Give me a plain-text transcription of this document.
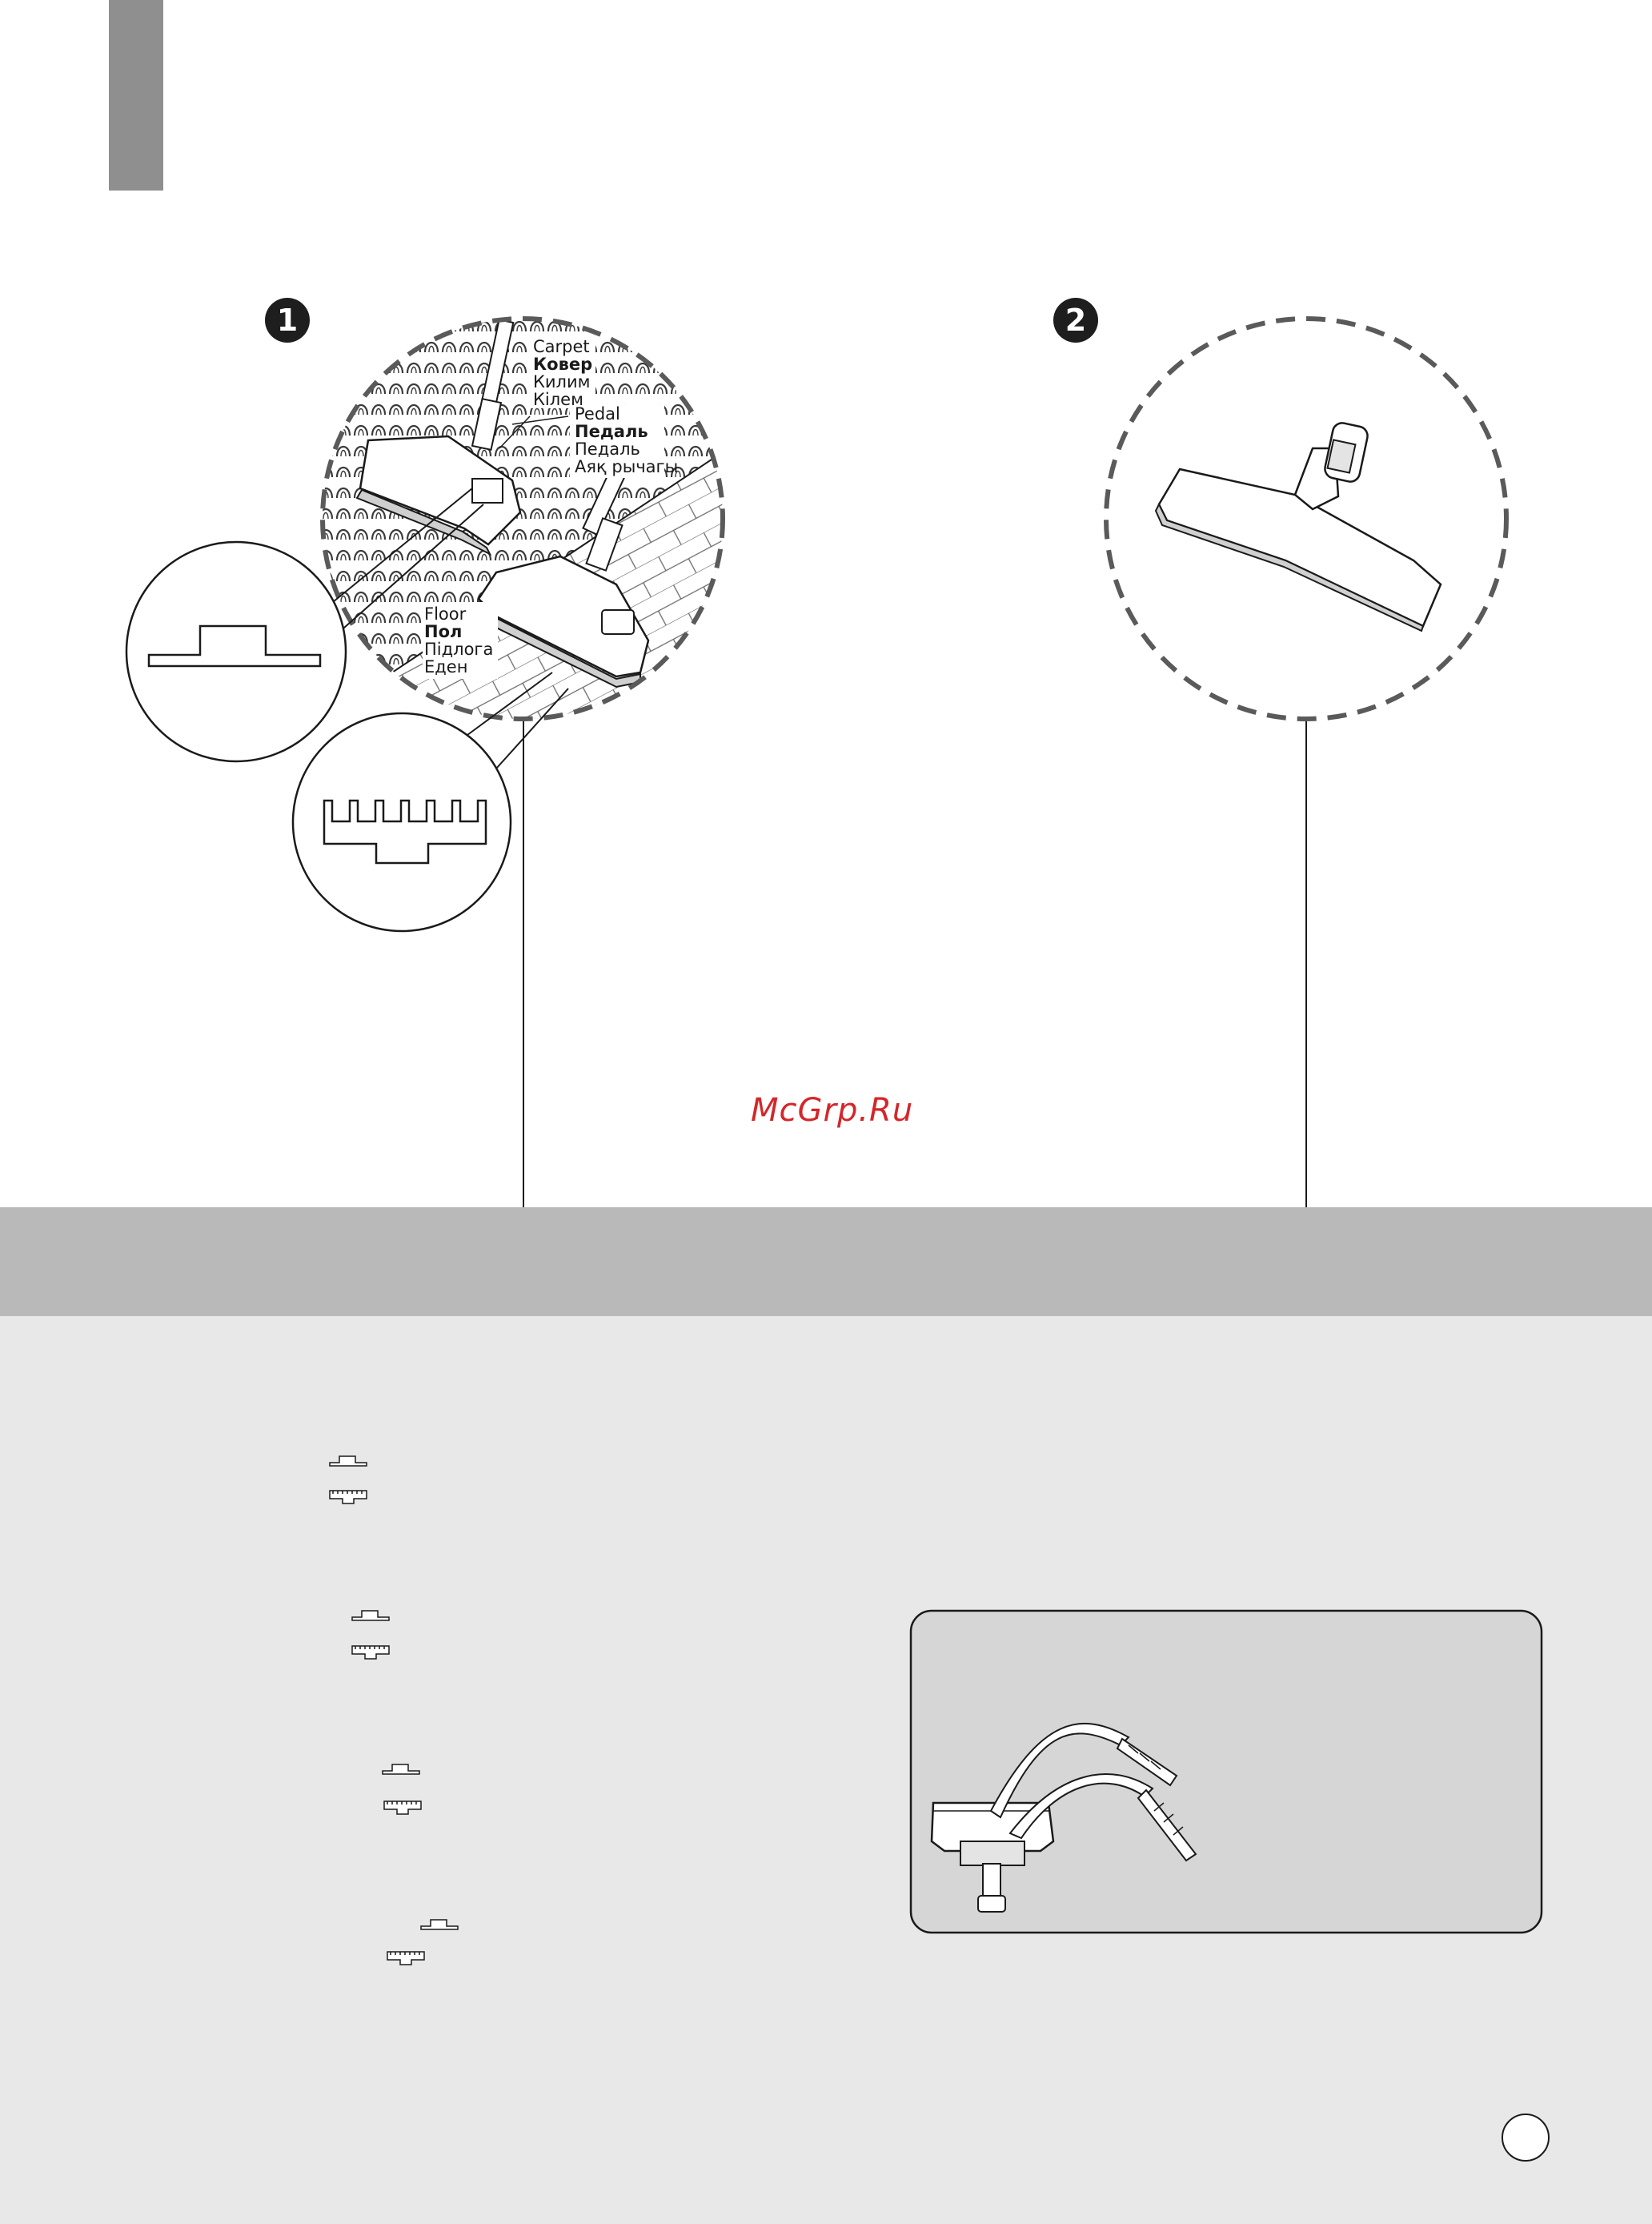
1	2
Carpet
Ковер
Килим
Кілем
Pedal
Педаль
Педаль
Аяқ рычагы
Floor
Пол
Підлога
Еден
McGrp.Ru
